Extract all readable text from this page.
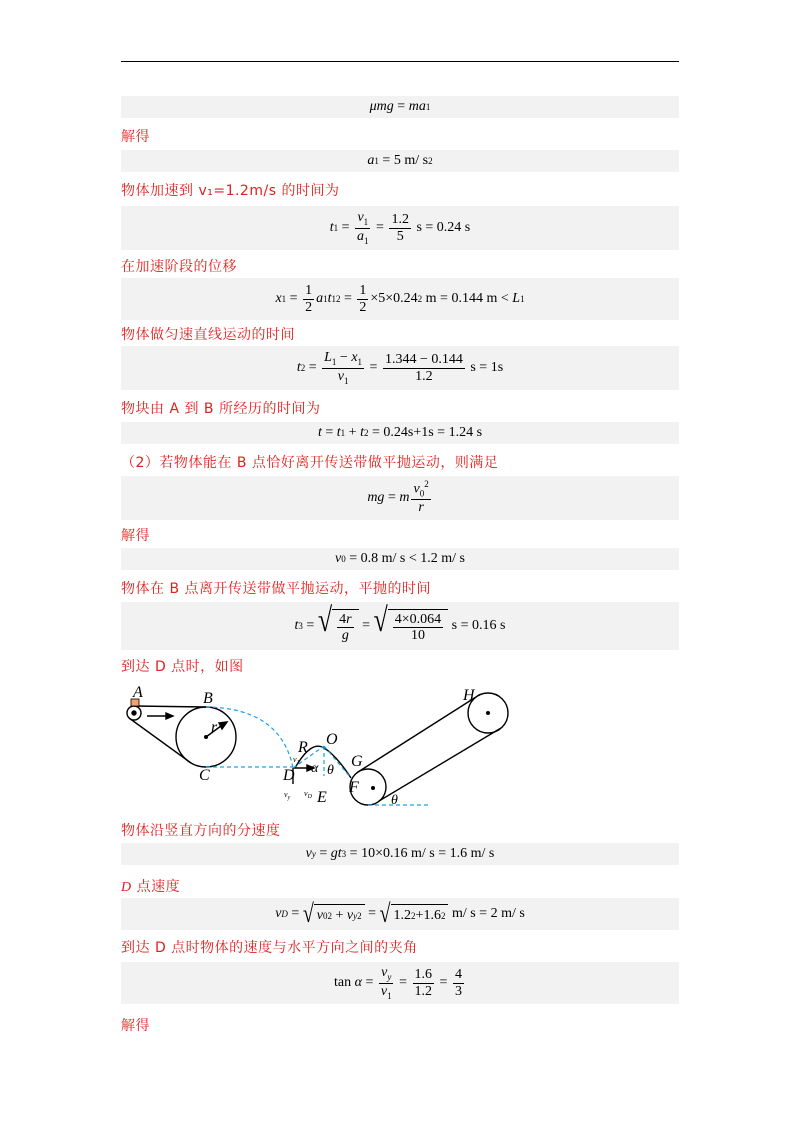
μmg = ma 1
解得
a 1 = 5 m/ s 2
物体加速到 v₁=1.2m/s 的时间为
t $1 = \frac{v_1}{a_1} = \frac{1.2}{5}$ s = 0.24 s
在加速阶段的位移
x $1 = \frac{1}{2}$ a 1 t 1 $2 = \frac{1}{2} \times 5 \times 0.24$ 2 m = 0.144 m < L 1
物体做匀速直线运动的时间
t $2 = \frac{L_1 - x_1}{v_1} = \frac{1.344 - 0.144}{1.2}$ s = 1 s
物块由 A 到 B 所经历的时间为
t = t 1 + t 2 = 0.24s+1s = 1.24 s
（2）若物体能在 B 点恰好离开传送带做平抛运动，则满足
mg = m $\frac{v_0^2}{r}$
解得
v 0 = 0.8 m/ s < 1.2 m/ s
物体在 B 点离开传送带做平抛运动，平抛的时间
t 3 = √ $\frac{4r}{g}$ = √ $\frac{4\times 0.064}{10}$ s = 0.16 s
到达 D 点时，如图
A	B
r
C
R O
G
α θ
D
E
F
H
θ
$v_1$
$v_y$ $v_D$
物体沿竖直方向的分速度
v y = gt 3 = 10×0.16 m/ s = 1.6 m/ s
D 点速度
v D = √ v 0 2 + v y 2 = √ 1.2 2 + 1.6 2 m/ s = 2 m/ s
到达 D 点时物体的速度与水平方向之间的夹角
$\tan \alpha = \frac{v_y}{v_1} = \frac{1.6}{1.2} = \frac{4}{3}$
解得
